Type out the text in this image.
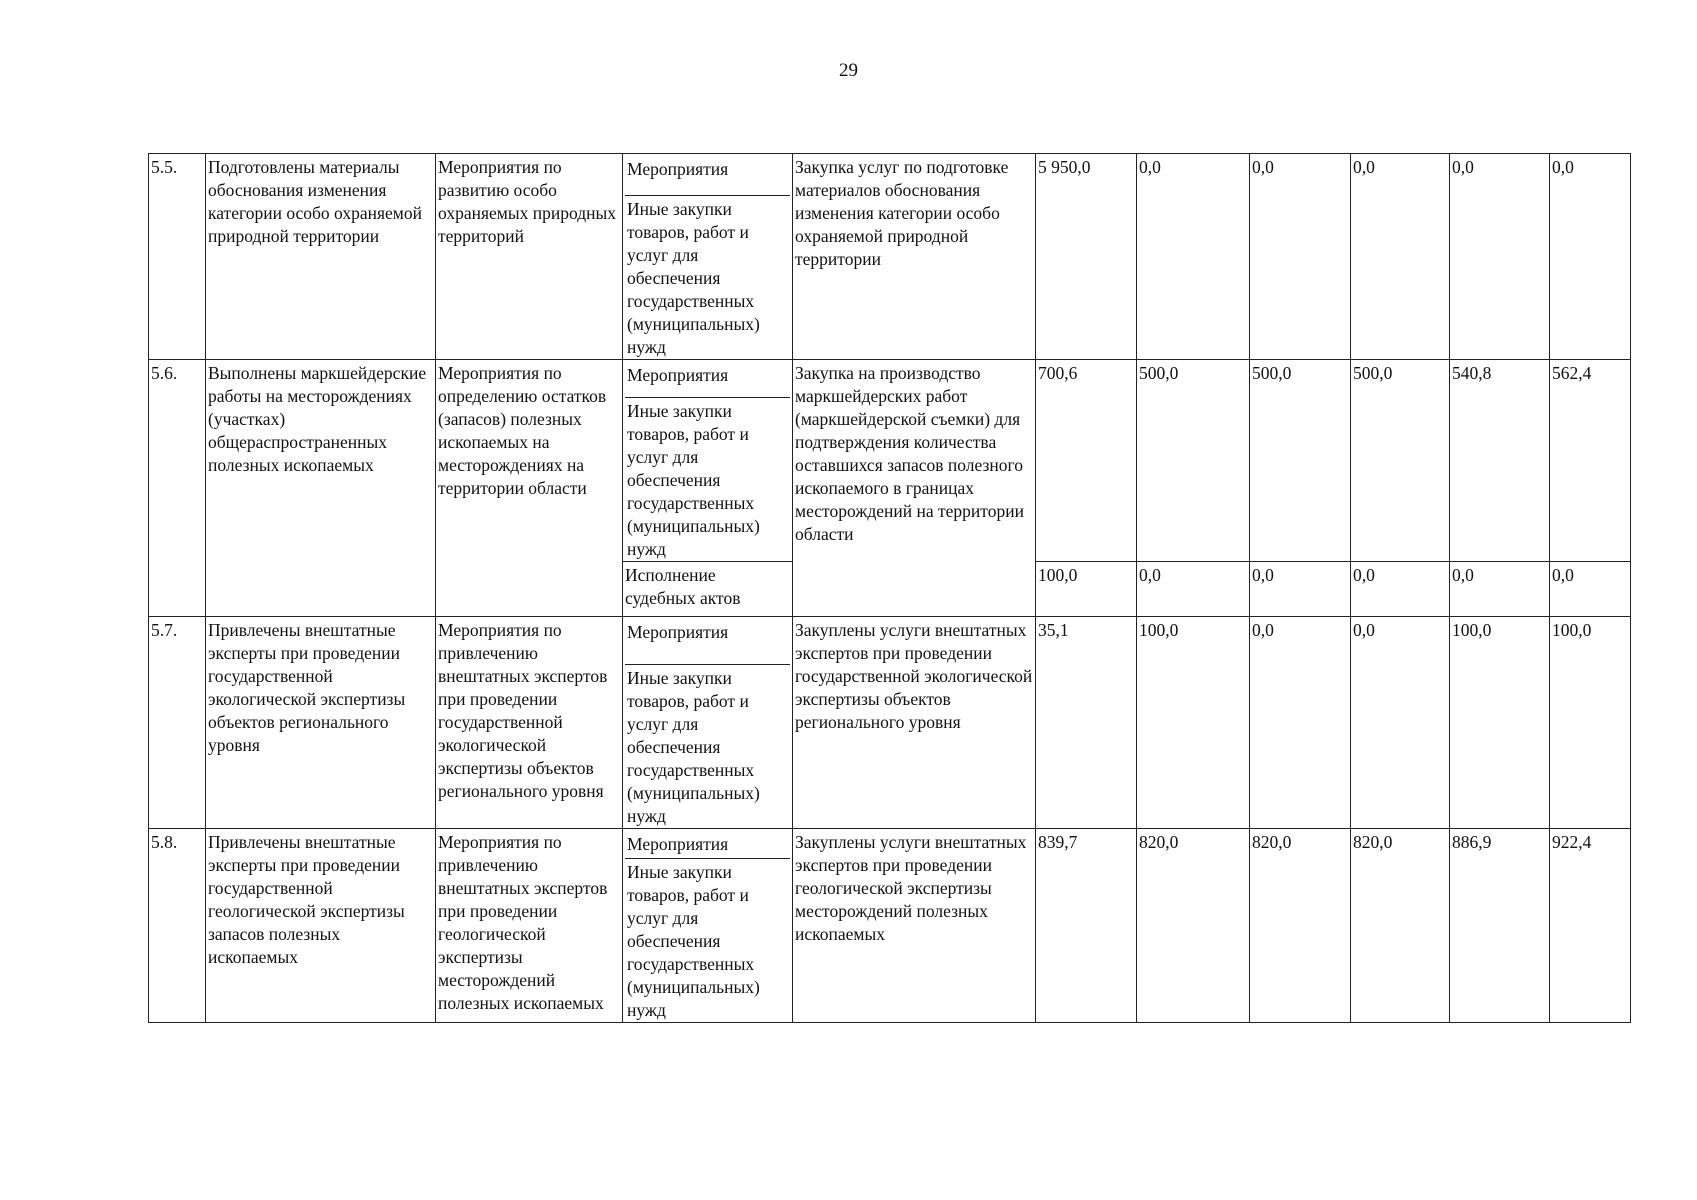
29
5.5.	Подготовлены материалы обоснования изменения категории особо охраняемой природной территории	Мероприятия по развитию особо охраняемых природных территорий	Мероприятия
Иные закупки товаров, работ и услуг для обеспечения государственных (муниципальных) нужд	Закупка услуг по подготовке материалов обоснования изменения категории особо охраняемой природной территории	5 950,0	0,0	0,0	0,0	0,0	0,0
5.6.	Выполнены маркшейдерские работы на месторождениях (участках) общераспространенных полезных ископаемых	Мероприятия по определению остатков (запасов) полезных ископаемых на месторождениях на территории области	Мероприятия
Иные закупки товаров, работ и услуг для обеспечения государственных (муниципальных) нужд	Закупка на производство маркшейдерских работ (маркшейдерской съемки) для подтверждения количества оставшихся запасов полезного ископаемого в границах месторождений на территории области	700,6	500,0	500,0	500,0	540,8	562,4
			Исполнение судебных актов		100,0	0,0	0,0	0,0	0,0	0,0
5.7.	Привлечены внештатные эксперты при проведении государственной экологической экспертизы объектов регионального уровня	Мероприятия по привлечению внештатных экспертов при проведении государственной экологической экспертизы объектов регионального уровня	Мероприятия
Иные закупки товаров, работ и услуг для обеспечения государственных (муниципальных) нужд	Закуплены услуги внештатных экспертов при проведении государственной экологической экспертизы объектов регионального уровня	35,1	100,0	0,0	0,0	100,0	100,0
5.8.	Привлечены внештатные эксперты при проведении государственной геологической экспертизы запасов полезных ископаемых	Мероприятия по привлечению внештатных экспертов при проведении геологической экспертизы месторождений полезных ископаемых	Мероприятия
Иные закупки товаров, работ и услуг для обеспечения государственных (муниципальных) нужд	Закуплены услуги внештатных экспертов при проведении геологической экспертизы месторождений полезных ископаемых	839,7	820,0	820,0	820,0	886,9	922,4
